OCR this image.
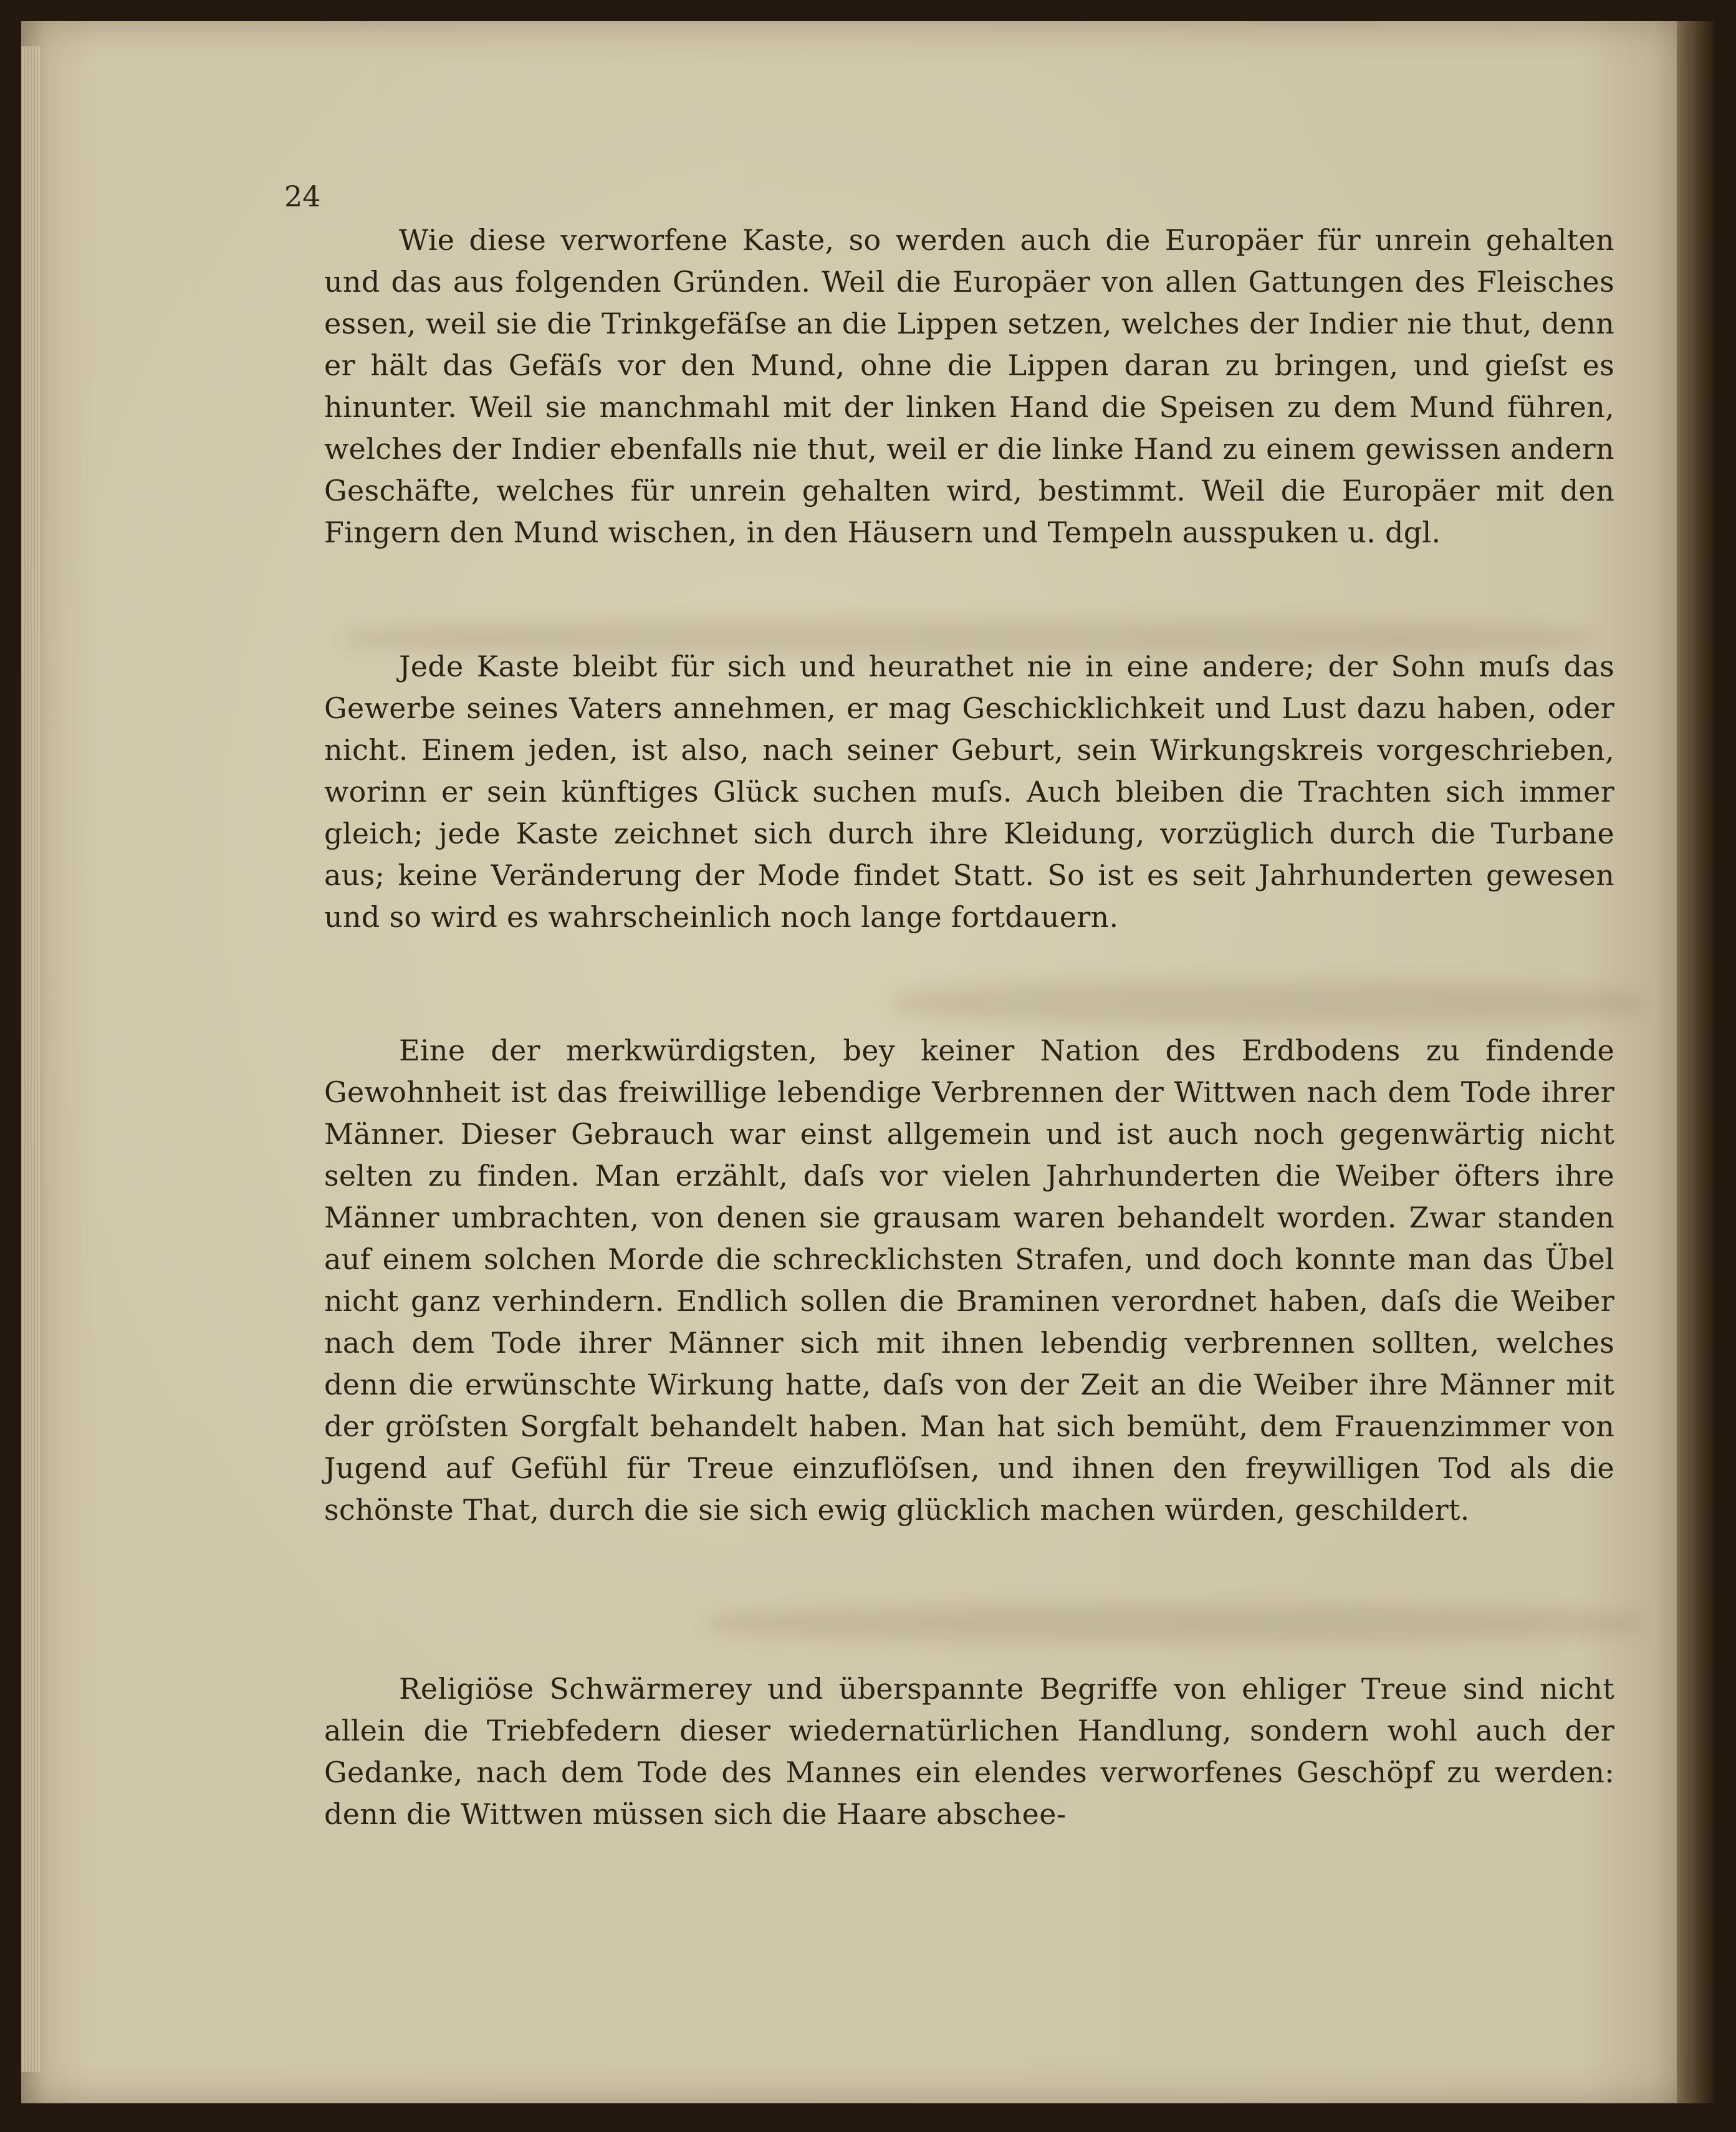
24

Wie diese verworfene Kaste, so werden auch die Europäer für unrein gehalten und das aus folgenden Gründen. Weil die Europäer von allen Gattungen des Fleisches essen, weil sie die Trinkgefäſse an die Lippen setzen, welches der Indier nie thut, denn er hält das Gefäſs vor den Mund, ohne die Lippen daran zu bringen, und gieſst es hinunter. Weil sie manchmahl mit der linken Hand die Speisen zu dem Mund führen, welches der Indier ebenfalls nie thut, weil er die linke Hand zu einem gewissen andern Geschäfte, welches für unrein gehalten wird, bestimmt. Weil die Europäer mit den Fingern den Mund wischen, in den Häusern und Tempeln ausspuken u. dgl.

Jede Kaste bleibt für sich und heurathet nie in eine andere; der Sohn muſs das Gewerbe seines Vaters annehmen, er mag Geschicklichkeit und Lust dazu haben, oder nicht. Einem jeden, ist also, nach seiner Geburt, sein Wirkungskreis vorgeschrieben, worinn er sein künftiges Glück suchen muſs. Auch bleiben die Trachten sich immer gleich; jede Kaste zeichnet sich durch ihre Kleidung, vorzüglich durch die Turbane aus; keine Veränderung der Mode findet Statt. So ist es seit Jahrhunderten gewesen und so wird es wahrscheinlich noch lange fortdauern.

Eine der merkwürdigsten, bey keiner Nation des Erdbodens zu findende Gewohnheit ist das freiwillige lebendige Verbrennen der Wittwen nach dem Tode ihrer Männer. Dieser Gebrauch war einst allgemein und ist auch noch gegenwärtig nicht selten zu finden. Man erzählt, daſs vor vielen Jahrhunderten die Weiber öfters ihre Männer umbrachten, von denen sie grausam waren behandelt worden. Zwar standen auf einem solchen Morde die schrecklichsten Strafen, und doch konnte man das Übel nicht ganz verhindern. Endlich sollen die Braminen verordnet haben, daſs die Weiber nach dem Tode ihrer Männer sich mit ihnen lebendig verbrennen sollten, welches denn die erwünschte Wirkung hatte, daſs von der Zeit an die Weiber ihre Männer mit der gröſsten Sorgfalt behandelt haben. Man hat sich bemüht, dem Frauenzimmer von Jugend auf Gefühl für Treue einzuflöſsen, und ihnen den freywilligen Tod als die schönste That, durch die sie sich ewig glücklich machen würden, geschildert.

Religiöse Schwärmerey und überspannte Begriffe von ehliger Treue sind nicht allein die Triebfedern dieser wiedernatürlichen Handlung, sondern wohl auch der Gedanke, nach dem Tode des Mannes ein elendes verworfenes Geschöpf zu werden: denn die Wittwen müssen sich die Haare abschee-
